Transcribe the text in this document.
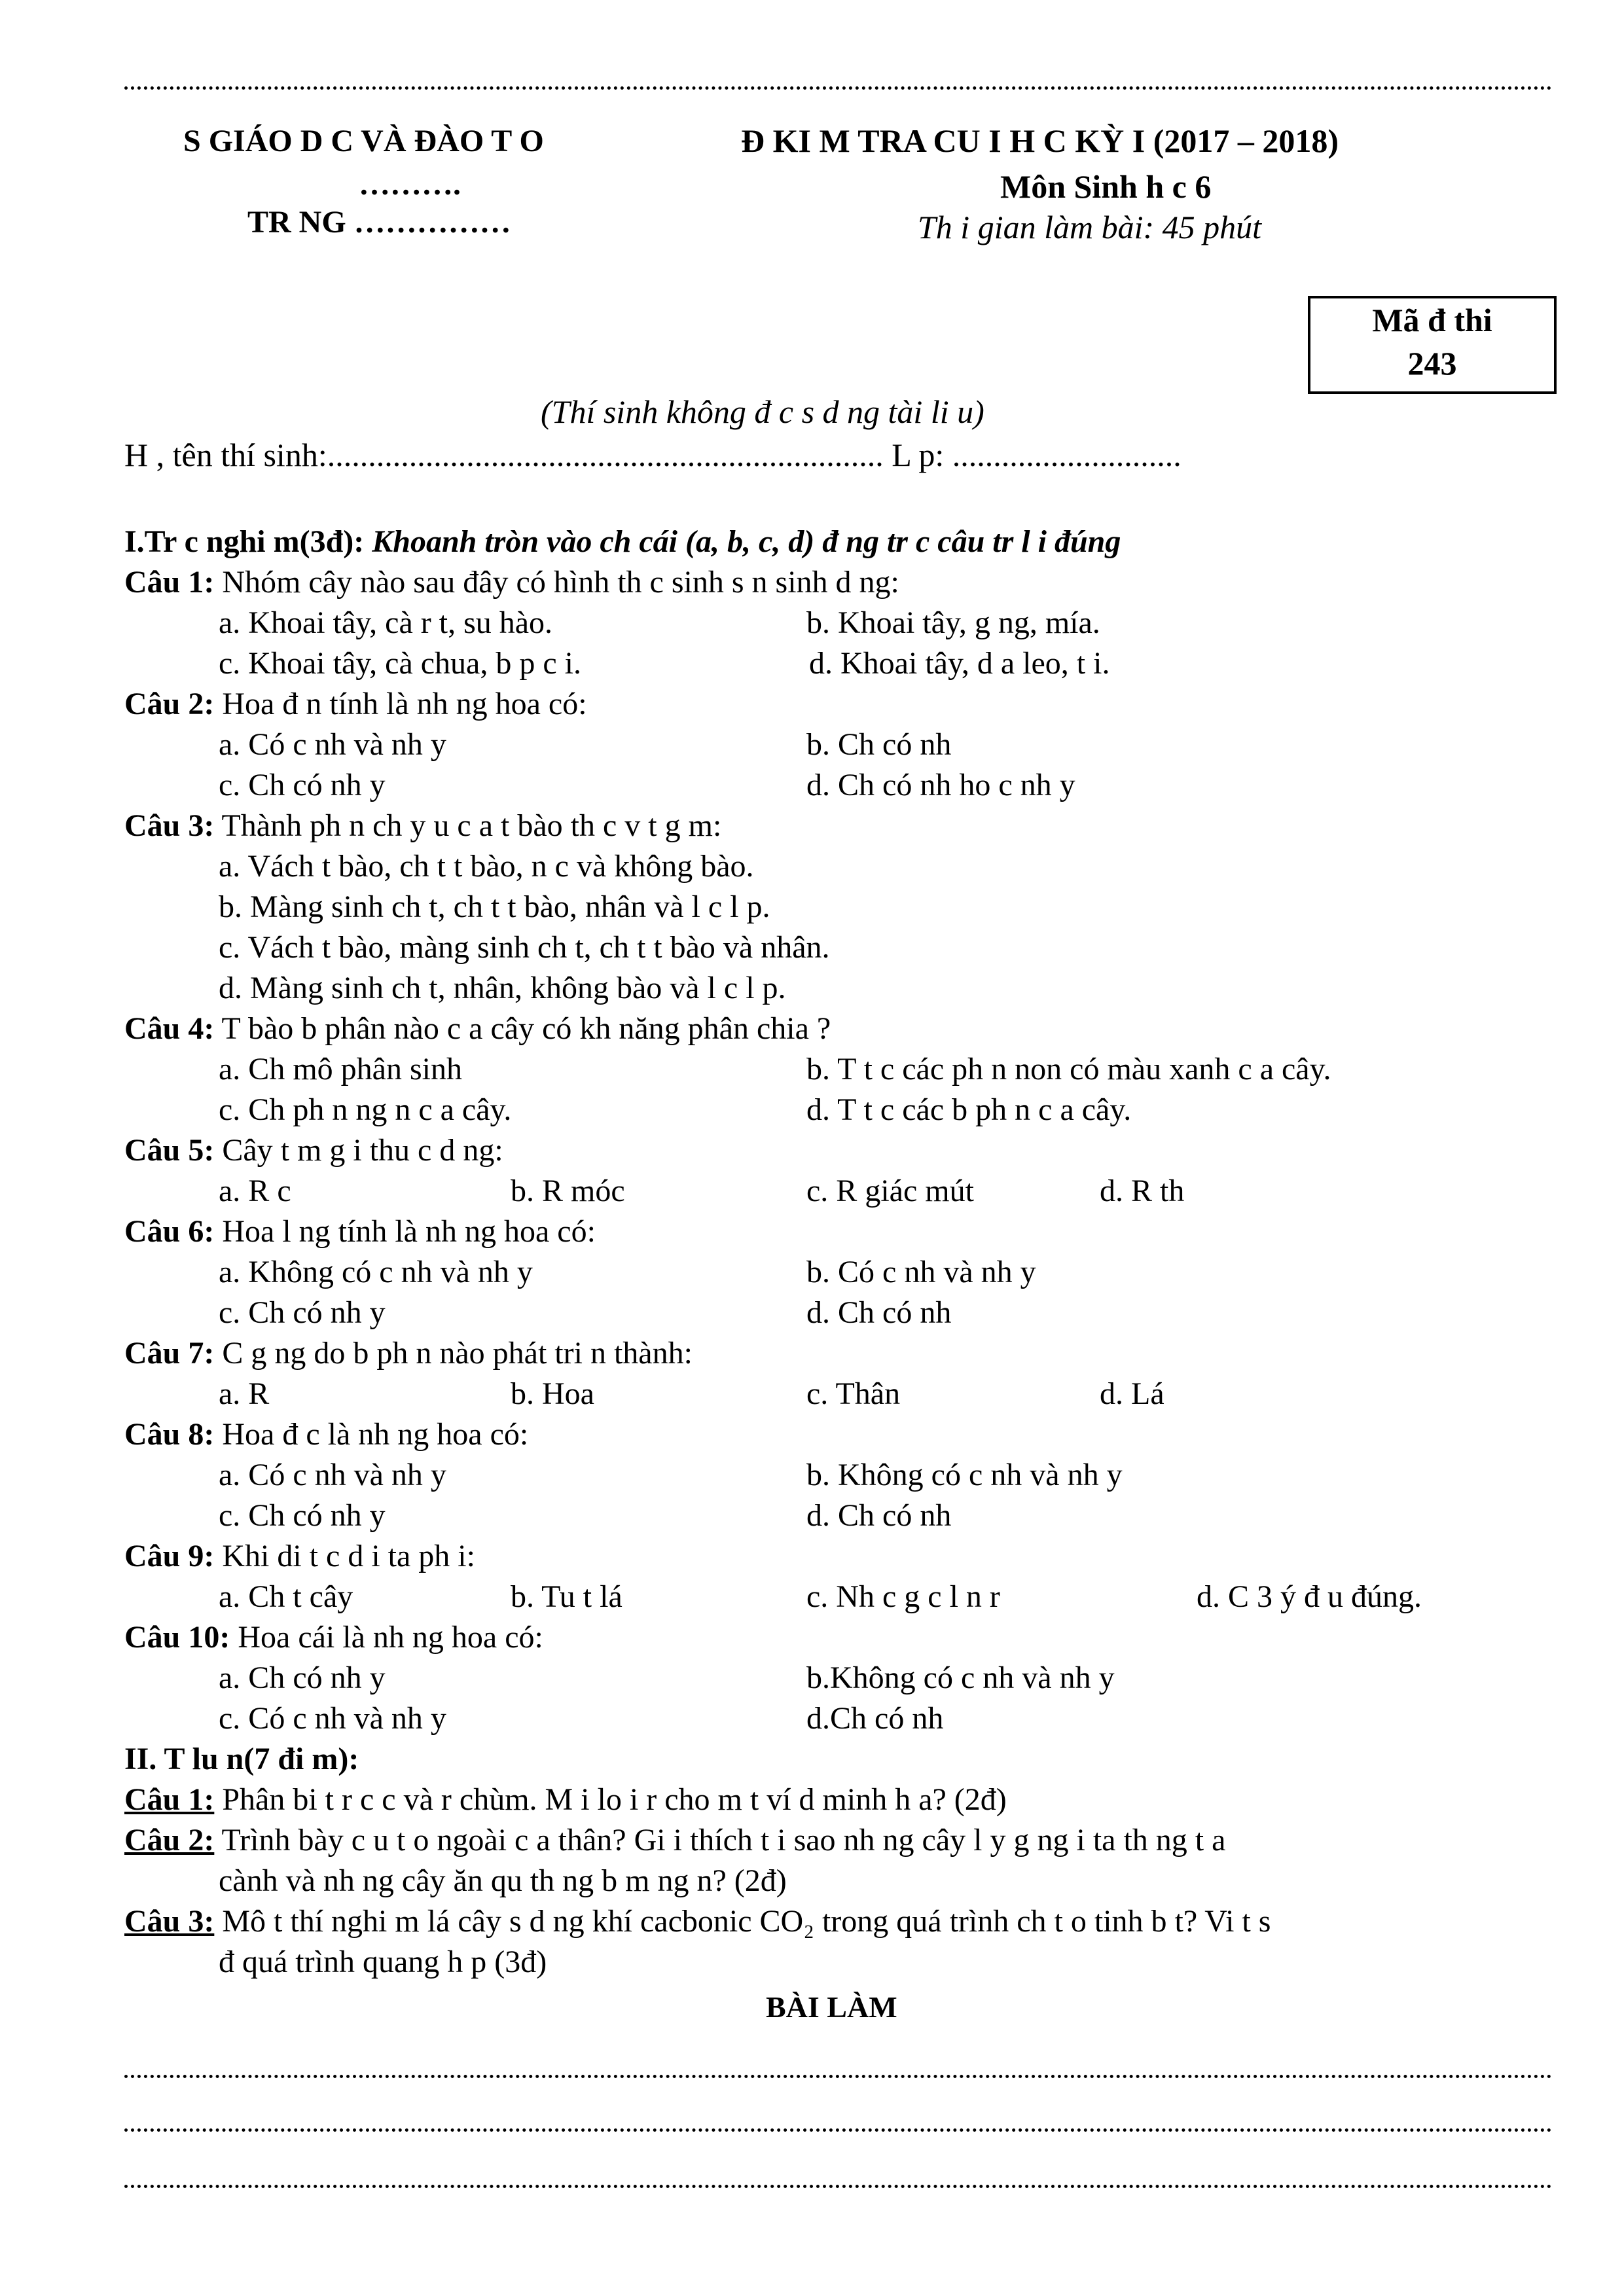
S GIÁO D C VÀ ĐÀO T O
……….
TR NG ……………
Đ KI M TRA CU I H C KỲ I (2017 – 2018)
Môn Sinh h c 6
Th i gian làm bài: 45 phút
Mã đ thi
243
(Thí sinh không đ c s d ng tài li u)
H , tên thí sinh:.................................................................... L p: ............................
I.Tr c nghi m(3đ): Khoanh tròn vào ch cái (a, b, c, d) đ ng tr c câu tr l i đúng
Câu 1: Nhóm cây nào sau đây có hình th c sinh s n sinh d ng:
a. Khoai tây, cà r t, su hào.	b. Khoai tây, g ng, mía.
c. Khoai tây, cà chua, b p c i.	d. Khoai tây, d a leo, t i.
Câu 2: Hoa đ n tính là nh ng hoa có:
a. Có c nh và nh y	b. Ch có nh
c. Ch có nh y	d. Ch có nh ho c nh y
Câu 3: Thành ph n ch y u c a t bào th c v t g m:
a. Vách t bào, ch t t bào, n c và không bào.
b. Màng sinh ch t, ch t t bào, nhân và l c l p.
c. Vách t bào, màng sinh ch t, ch t t bào và nhân.
d. Màng sinh ch t, nhân, không bào và l c l p.
Câu 4: T bào b phân nào c a cây có kh năng phân chia ?
a. Ch mô phân sinh	b. T t c các ph n non có màu xanh c a cây.
c. Ch ph n ng n c a cây.	d. T t c các b ph n c a cây.
Câu 5: Cây t m g i thu c d ng:
a. R c	b. R móc	c. R giác mút	d. R th
Câu 6: Hoa l ng tính là nh ng hoa có:
a. Không có c nh và nh y	b. Có c nh và nh y
c. Ch có nh y	d. Ch có nh
Câu 7: C g ng do b ph n nào phát tri n thành:
a. R	b. Hoa	c. Thân	d. Lá
Câu 8: Hoa đ c là nh ng hoa có:
a. Có c nh và nh y	b. Không có c nh và nh y
c. Ch có nh y	d. Ch có nh
Câu 9: Khi di t c d i ta ph i:
a. Ch t cây	b. Tu t lá	c. Nh c g c l n r	d. C 3 ý đ u đúng.
Câu 10: Hoa cái là nh ng hoa có:
a. Ch có nh y	b.Không có c nh và nh y
c. Có c nh và nh y	d.Ch có nh
II. T lu n(7 đi m):
Câu 1: Phân bi t r c c và r chùm. M i lo i r cho m t ví d minh h a? (2đ)
Câu 2: Trình bày c u t o ngoài c a thân? Gi i thích t i sao nh ng cây l y g ng i ta th ng t a
cành và nh ng cây ăn qu th ng b m ng n? (2đ)
Câu 3: Mô t thí nghi m lá cây s d ng khí cacbonic CO₂ trong quá trình ch t o tinh b t? Vi t s
đ quá trình quang h p (3đ)
BÀI LÀM
